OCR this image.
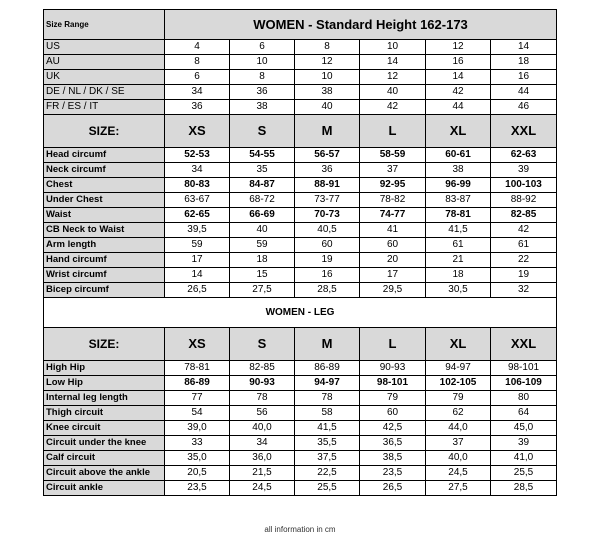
Size Range	WOMEN - Standard Height 162-173					
US	4	6	8	10	12	14
AU	8	10	12	14	16	18
UK	6	8	10	12	14	16
DE / NL / DK / SE	34	36	38	40	42	44
FR / ES / IT	36	38	40	42	44	46
SIZE:	XS	S	M	L	XL	XXL
Head circumf	52-53	54-55	56-57	58-59	60-61	62-63
Neck circumf	34	35	36	37	38	39
Chest	80-83	84-87	88-91	92-95	96-99	100-103
Under Chest	63-67	68-72	73-77	78-82	83-87	88-92
Waist	62-65	66-69	70-73	74-77	78-81	82-85
CB Neck to Waist	39,5	40	40,5	41	41,5	42
Arm length	59	59	60	60	61	61
Hand circumf	17	18	19	20	21	22
Wrist circumf	14	15	16	17	18	19
Bicep circumf	26,5	27,5	28,5	29,5	30,5	32
WOMEN - LEG						
SIZE:	XS	S	M	L	XL	XXL
High Hip	78-81	82-85	86-89	90-93	94-97	98-101
Low Hip	86-89	90-93	94-97	98-101	102-105	106-109
Internal leg length	77	78	78	79	79	80
Thigh circuit	54	56	58	60	62	64
Knee circuit	39,0	40,0	41,5	42,5	44,0	45,0
Circuit under the knee	33	34	35,5	36,5	37	39
Calf circuit	35,0	36,0	37,5	38,5	40,0	41,0
Circuit above the ankle	20,5	21,5	22,5	23,5	24,5	25,5
Circuit ankle	23,5	24,5	25,5	26,5	27,5	28,5
all information in cm
